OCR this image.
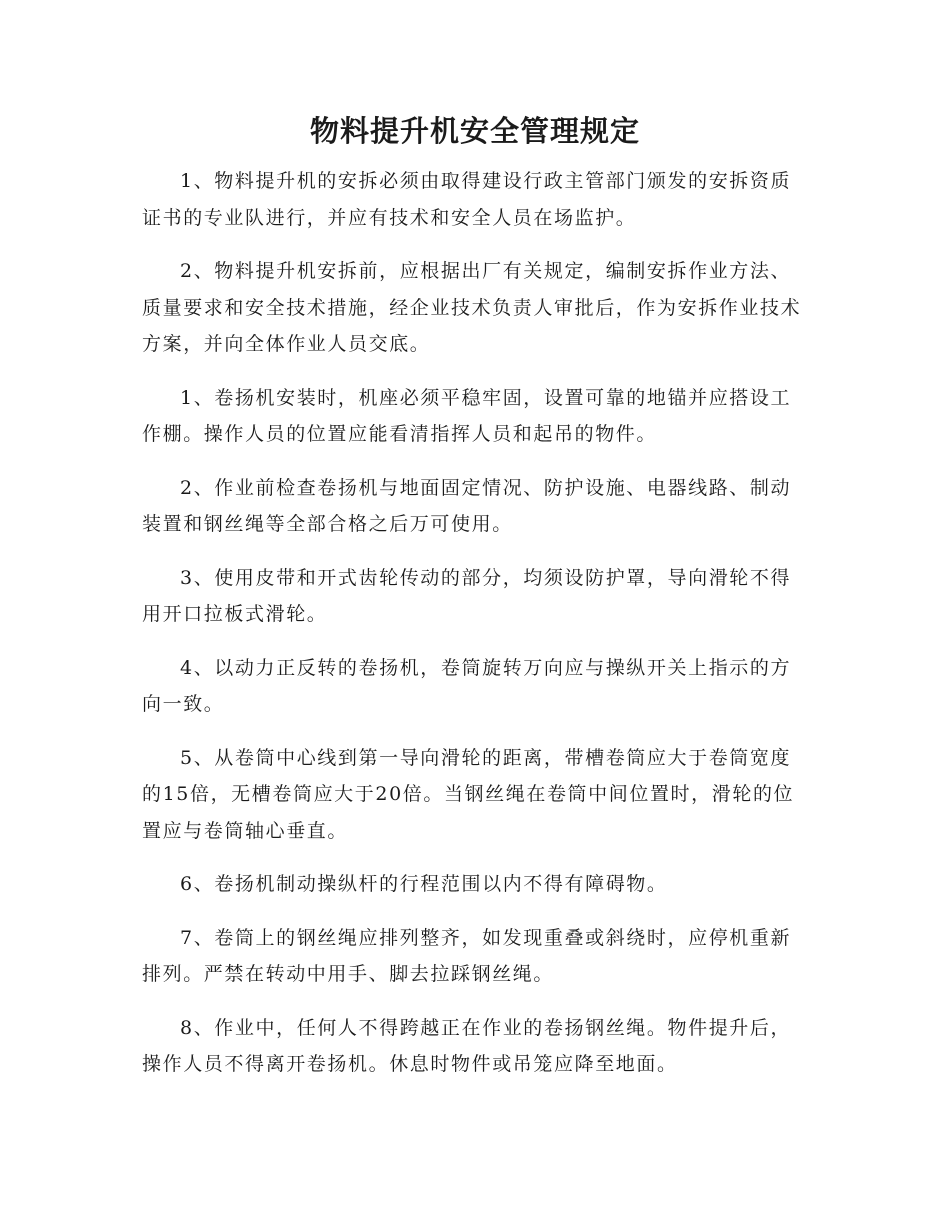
物料提升机安全管理规定

1、物料提升机的安拆必须由取得建设行政主管部门颁发的安拆资质证书的专业队进行，并应有技术和安全人员在场监护。

2、物料提升机安拆前，应根据出厂有关规定，编制安拆作业方法、质量要求和安全技术措施，经企业技术负责人审批后，作为安拆作业技术方案，并向全体作业人员交底。

1、卷扬机安装时，机座必须平稳牢固，设置可靠的地锚并应搭设工作棚。操作人员的位置应能看清指挥人员和起吊的物件。

2、作业前检查卷扬机与地面固定情况、防护设施、电器线路、制动装置和钢丝绳等全部合格之后万可使用。

3、使用皮带和开式齿轮传动的部分，均须设防护罩，导向滑轮不得用开口拉板式滑轮。

4、以动力正反转的卷扬机，卷筒旋转万向应与操纵开关上指示的方向一致。

5、从卷筒中心线到第一导向滑轮的距离，带槽卷筒应大于卷筒宽度的15倍，无槽卷筒应大于20倍。当钢丝绳在卷筒中间位置时，滑轮的位置应与卷筒轴心垂直。

6、卷扬机制动操纵杆的行程范围以内不得有障碍物。

7、卷筒上的钢丝绳应排列整齐，如发现重叠或斜绕时，应停机重新排列。严禁在转动中用手、脚去拉踩钢丝绳。

8、作业中，任何人不得跨越正在作业的卷扬钢丝绳。物件提升后，操作人员不得离开卷扬机。休息时物件或吊笼应降至地面。
